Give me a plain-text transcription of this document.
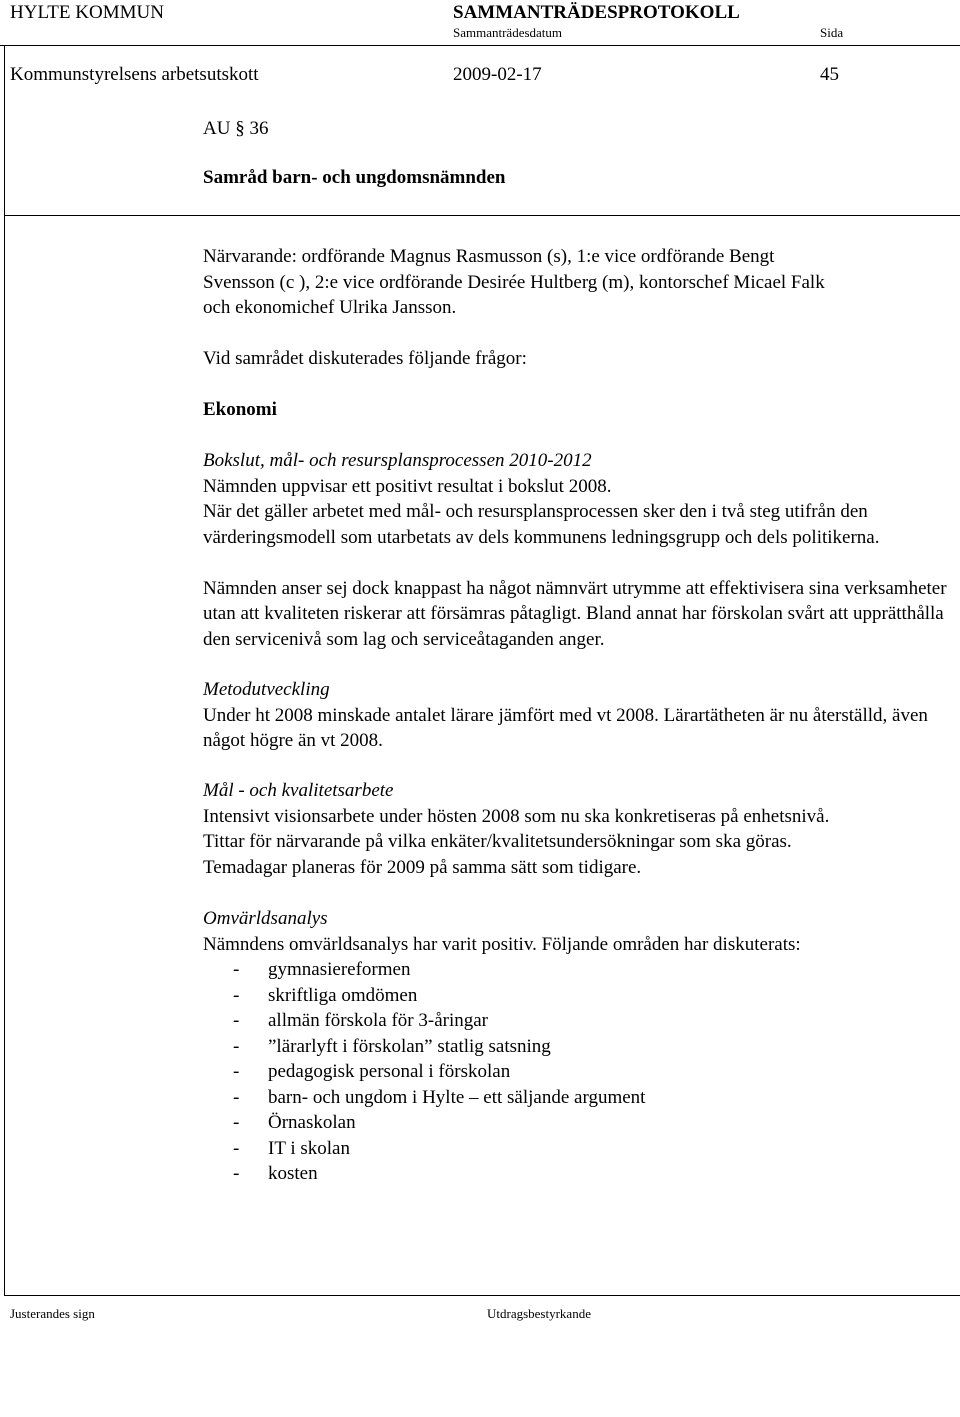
HYLTE KOMMUN	SAMMANTRÄDESPROTOKOLL
Sammanträdesdatum	Sida
Kommunstyrelsens arbetsutskott	2009-02-17	45
AU § 36
Samråd barn- och ungdomsnämnden
Närvarande: ordförande Magnus Rasmusson (s), 1:e vice ordförande Bengt
Svensson (c ), 2:e vice ordförande Desirée Hultberg (m), kontorschef Micael Falk
och ekonomichef Ulrika Jansson.
Vid samrådet diskuterades följande frågor:
Ekonomi
Bokslut, mål- och resursplansprocessen 2010-2012
Nämnden uppvisar ett positivt resultat i bokslut 2008.
När det gäller arbetet med mål- och resursplansprocessen sker den i två steg utifrån den värderingsmodell som utarbetats av dels kommunens ledningsgrupp och dels politikerna.
Nämnden anser sej dock knappast ha något nämnvärt utrymme att effektivisera sina verksamheter utan att kvaliteten riskerar att försämras påtagligt. Bland annat har förskolan svårt att upprätthålla den servicenivå som lag och serviceåtaganden anger.
Metodutveckling
Under ht 2008 minskade antalet lärare jämfört med vt 2008. Lärartätheten är nu återställd, även något högre än vt 2008.
Mål - och kvalitetsarbete
Intensivt visionsarbete under hösten 2008 som nu ska konkretiseras på enhetsnivå.
Tittar för närvarande på vilka enkäter/kvalitetsundersökningar som ska göras.
Temadagar planeras för 2009 på samma sätt som tidigare.
Omvärldsanalys
Nämndens omvärldsanalys har varit positiv. Följande områden har diskuterats:
- gymnasiereformen
- skriftliga omdömen
- allmän förskola för 3-åringar
- ”lärarlyft i förskolan” statlig satsning
- pedagogisk personal i förskolan
- barn- och ungdom i Hylte – ett säljande argument
- Örnaskolan
- IT i skolan
- kosten
Justerandes sign	Utdragsbestyrkande
